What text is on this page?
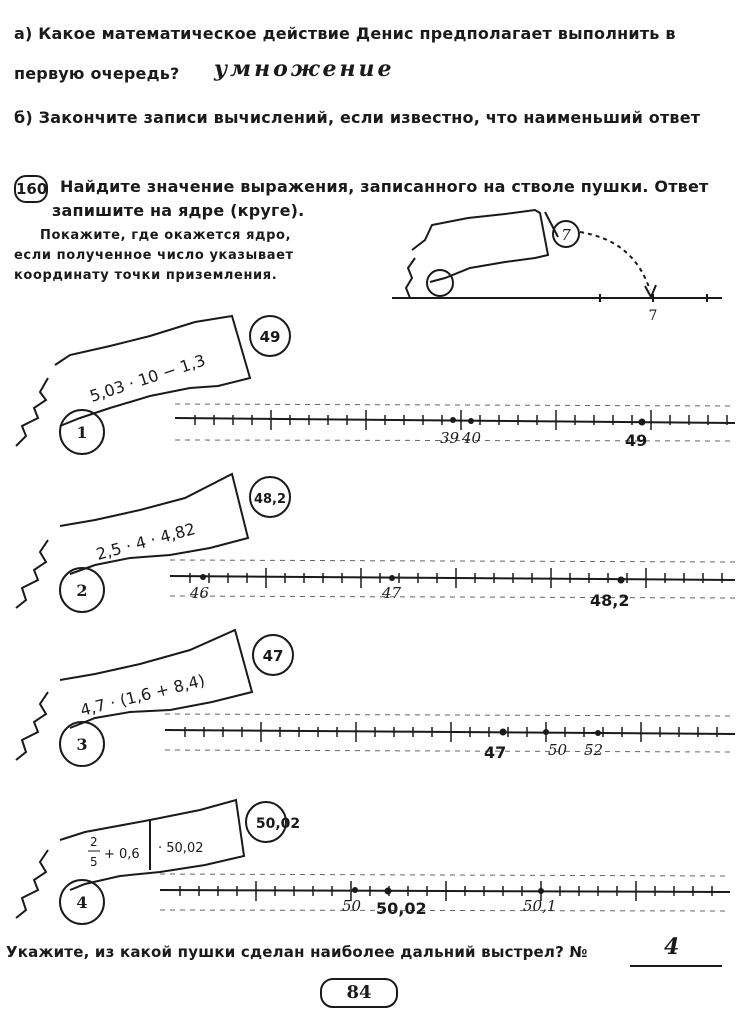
а) Какое математическое действие Денис предполагает выполнить в
первую очередь? умножение
б) Закончите записи вычислений, если известно, что наименьший ответ
160 Найдите значение выражения, записанного на стволе пушки. Ответ
запишите на ядре (круге).
Покажите, где окажется ядро,
если полученное число указывает
координату точки приземления.
5,03 · 10 − 1,3
2,5 · 4 · 4,82
4,7 · (1,6 + 8,4)
2
5 + 0,6 · 50,02
1
2
3
4
49
48,2
47
50,02
7
7
39 40
46	47
50 52
50	50,1
49
48,2
47
50,02
Укажите, из какой пушки сделан наиболее дальний выстрел? №	4
84
